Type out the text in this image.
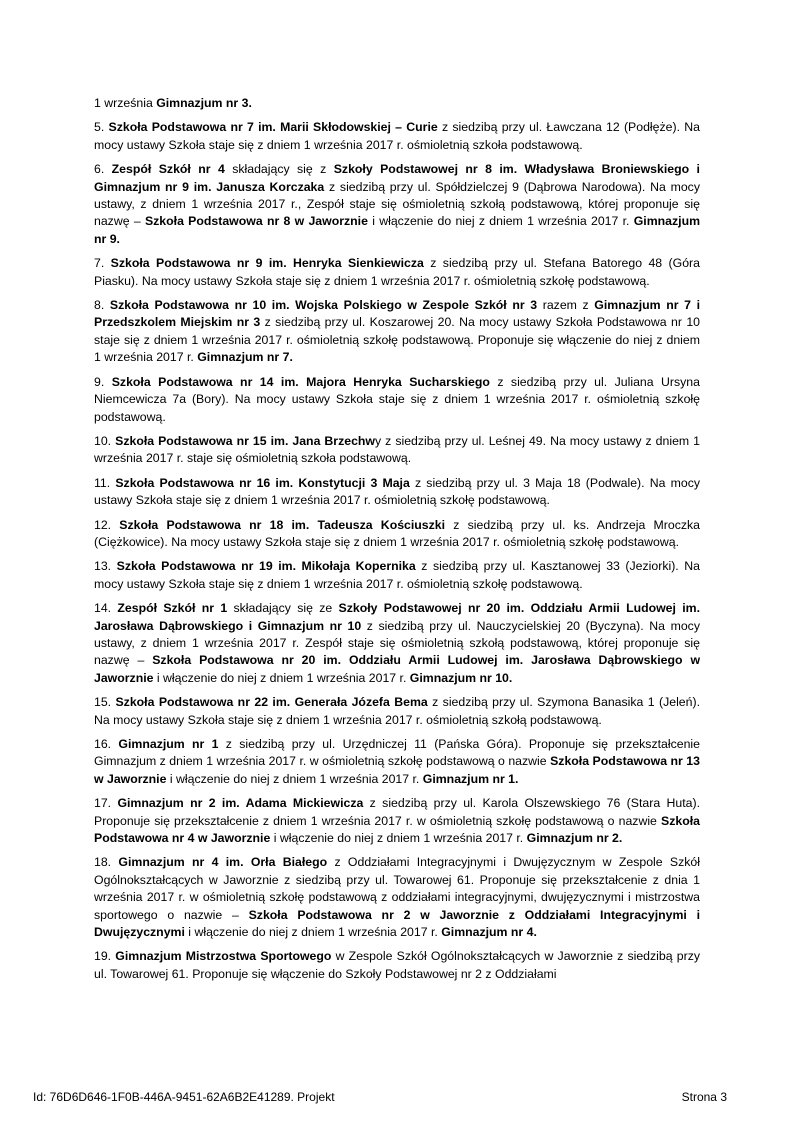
1 września Gimnazjum nr 3.

5. Szkoła Podstawowa nr 7 im. Marii Skłodowskiej – Curie z siedzibą przy ul. Ławczana 12 (Podłęże). Na mocy ustawy Szkoła staje się z dniem 1 września 2017 r. ośmioletnią szkoła podstawową.

6. Zespół Szkół nr 4 składający się z Szkoły Podstawowej nr 8 im. Władysława Broniewskiego i Gimnazjum nr 9 im. Janusza Korczaka z siedzibą przy ul. Spółdzielczej 9 (Dąbrowa Narodowa). Na mocy ustawy, z dniem 1 września 2017 r., Zespół staje się ośmioletnią szkołą podstawową, której proponuje się nazwę – Szkoła Podstawowa nr 8 w Jaworznie i włączenie do niej z dniem 1 września 2017 r. Gimnazjum nr 9.

7. Szkoła Podstawowa nr 9 im. Henryka Sienkiewicza z siedzibą przy ul. Stefana Batorego 48 (Góra Piasku). Na mocy ustawy Szkoła staje się z dniem 1 września 2017 r. ośmioletnią szkołę podstawową.

8. Szkoła Podstawowa nr 10 im. Wojska Polskiego w Zespole Szkół nr 3 razem z Gimnazjum nr 7 i Przedszkolem Miejskim nr 3 z siedzibą przy ul. Koszarowej 20. Na mocy ustawy Szkoła Podstawowa nr 10 staje się z dniem 1 września 2017 r. ośmioletnią szkołę podstawową. Proponuje się włączenie do niej z dniem 1 września 2017 r. Gimnazjum nr 7.

9. Szkoła Podstawowa nr 14 im. Majora Henryka Sucharskiego z siedzibą przy ul. Juliana Ursyna Niemcewicza 7a (Bory). Na mocy ustawy Szkoła staje się z dniem 1 września 2017 r. ośmioletnią szkołę podstawową.

10. Szkoła Podstawowa nr 15 im. Jana Brzechwy z siedzibą przy ul. Leśnej 49. Na mocy ustawy z dniem 1 września 2017 r. staje się ośmioletnią szkoła podstawową.

11. Szkoła Podstawowa nr 16 im. Konstytucji 3 Maja z siedzibą przy ul. 3 Maja 18 (Podwale). Na mocy ustawy Szkoła staje się z dniem 1 września 2017 r. ośmioletnią szkołę podstawową.

12. Szkoła Podstawowa nr 18 im. Tadeusza Kościuszki z siedzibą przy ul. ks. Andrzeja Mroczka (Ciężkowice). Na mocy ustawy Szkoła staje się z dniem 1 września 2017 r. ośmioletnią szkołę podstawową.

13. Szkoła Podstawowa nr 19 im. Mikołaja Kopernika z siedzibą przy ul. Kasztanowej 33 (Jeziorki). Na mocy ustawy Szkoła staje się z dniem 1 września 2017 r. ośmioletnią szkołę podstawową.

14. Zespół Szkół nr 1 składający się ze Szkoły Podstawowej nr 20 im. Oddziału Armii Ludowej im. Jarosława Dąbrowskiego i Gimnazjum nr 10 z siedzibą przy ul. Nauczycielskiej 20 (Byczyna). Na mocy ustawy, z dniem 1 września 2017 r. Zespół staje się ośmioletnią szkołą podstawową, której proponuje się nazwę – Szkoła Podstawowa nr 20 im. Oddziału Armii Ludowej im. Jarosława Dąbrowskiego w Jaworznie i włączenie do niej z dniem 1 września 2017 r. Gimnazjum nr 10.

15. Szkoła Podstawowa nr 22 im. Generała Józefa Bema z siedzibą przy ul. Szymona Banasika 1 (Jeleń). Na mocy ustawy Szkoła staje się z dniem 1 września 2017 r. ośmioletnią szkołą podstawową.

16. Gimnazjum nr 1 z siedzibą przy ul. Urzędniczej 11 (Pańska Góra). Proponuje się przekształcenie Gimnazjum z dniem 1 września 2017 r. w ośmioletnią szkołę podstawową o nazwie Szkoła Podstawowa nr 13 w Jaworznie i włączenie do niej z dniem 1 września 2017 r. Gimnazjum nr 1.

17. Gimnazjum nr 2 im. Adama Mickiewicza z siedzibą przy ul. Karola Olszewskiego 76 (Stara Huta). Proponuje się przekształcenie z dniem 1 września 2017 r. w ośmioletnią szkołę podstawową o nazwie Szkoła Podstawowa nr 4 w Jaworznie i włączenie do niej z dniem 1 września 2017 r. Gimnazjum nr 2.

18. Gimnazjum nr 4 im. Orła Białego z Oddziałami Integracyjnymi i Dwujęzycznym w Zespole Szkół Ogólnokształcących w Jaworznie z siedzibą przy ul. Towarowej 61. Proponuje się przekształcenie z dnia 1 września 2017 r. w ośmioletnią szkołę podstawową z oddziałami integracyjnymi, dwujęzycznymi i mistrzostwa sportowego o nazwie – Szkoła Podstawowa nr 2 w Jaworznie z Oddziałami Integracyjnymi i Dwujęzycznymi i włączenie do niej z dniem 1 września 2017 r. Gimnazjum nr 4.

19. Gimnazjum Mistrzostwa Sportowego w Zespole Szkół Ogólnokształcących w Jaworznie z siedzibą przy ul. Towarowej 61. Proponuje się włączenie do Szkoły Podstawowej nr 2 z Oddziałami

Id: 76D6D646-1F0B-446A-9451-62A6B2E41289. Projekt	Strona 3
